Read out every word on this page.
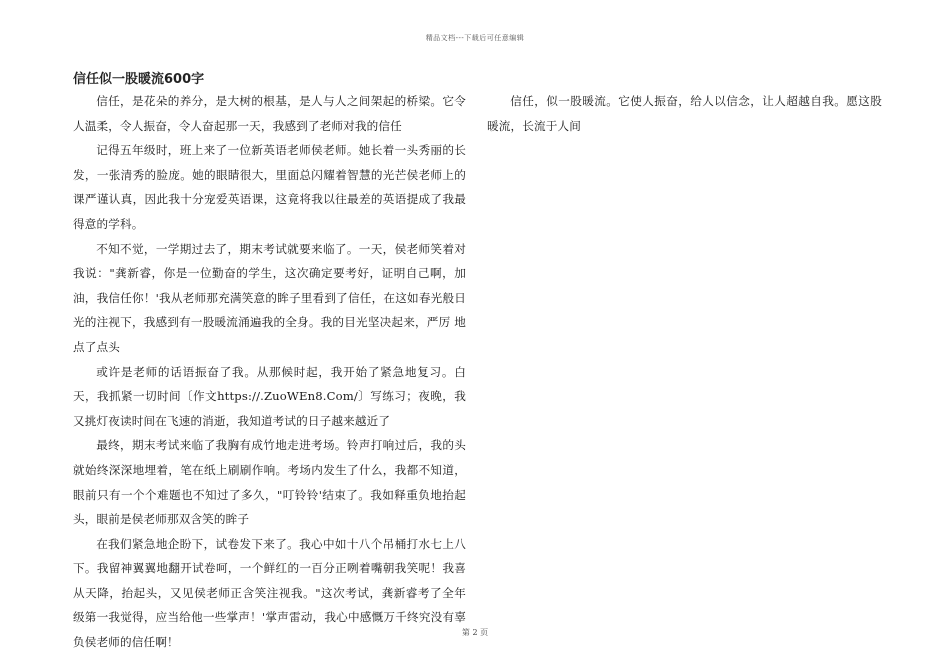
精品文档---下载后可任意编辑
信任似一股暖流600字

信任，是花朵的养分，是大树的根基，是人与人之间架起的桥梁。它令人温柔，令人振奋，令人奋起那一天，我感到了老师对我的信任

记得五年级时，班上来了一位新英语老师侯老师。她长着一头秀丽的长发，一张清秀的脸庞。她的眼睛很大，里面总闪耀着智慧的光芒侯老师上的课严谨认真，因此我十分宠爱英语课，这竟将我以往最差的英语提成了我最得意的学科。

不知不觉，一学期过去了，期末考试就要来临了。一天，侯老师笑着对我说："龚新睿，你是一位勤奋的学生，这次确定要考好，证明自己啊，加油，我信任你！'我从老师那充满笑意的眸子里看到了信任，在这如春光般日光的注视下，我感到有一股暖流涌遍我的全身。我的目光坚决起来，严厉 地点了点头

或许是老师的话语振奋了我。从那候时起，我开始了紧急地复习。白天，我抓紧一切时间〔作文https://.ZuoWEn8.Com/〕写练习；夜晚，我又挑灯夜读时间在飞速的消逝，我知道考试的日子越来越近了

最终，期末考试来临了我胸有成竹地走进考场。铃声打响过后，我的头就始终深深地埋着，笔在纸上刷刷作响。考场内发生了什么，我都不知道，眼前只有一个个难题也不知过了多久，"叮铃铃'结束了。我如释重负地抬起头，眼前是侯老师那双含笑的眸子

在我们紧急地企盼下，试卷发下来了。我心中如十八个吊桶打水七上八下。我留神翼翼地翻开试卷呵，一个鲜红的一百分正咧着嘴朝我笑呢！我喜从天降，抬起头，又见侯老师正含笑注视我。"这次考试，龚新睿考了全年级第一我觉得，应当给他一些掌声！'掌声雷动，我心中感慨万千终究没有辜负侯老师的信任啊！

信任，似一股暖流。它使人振奋，给人以信念，让人超越自我。愿这股暖流，长流于人间

第 2 页
